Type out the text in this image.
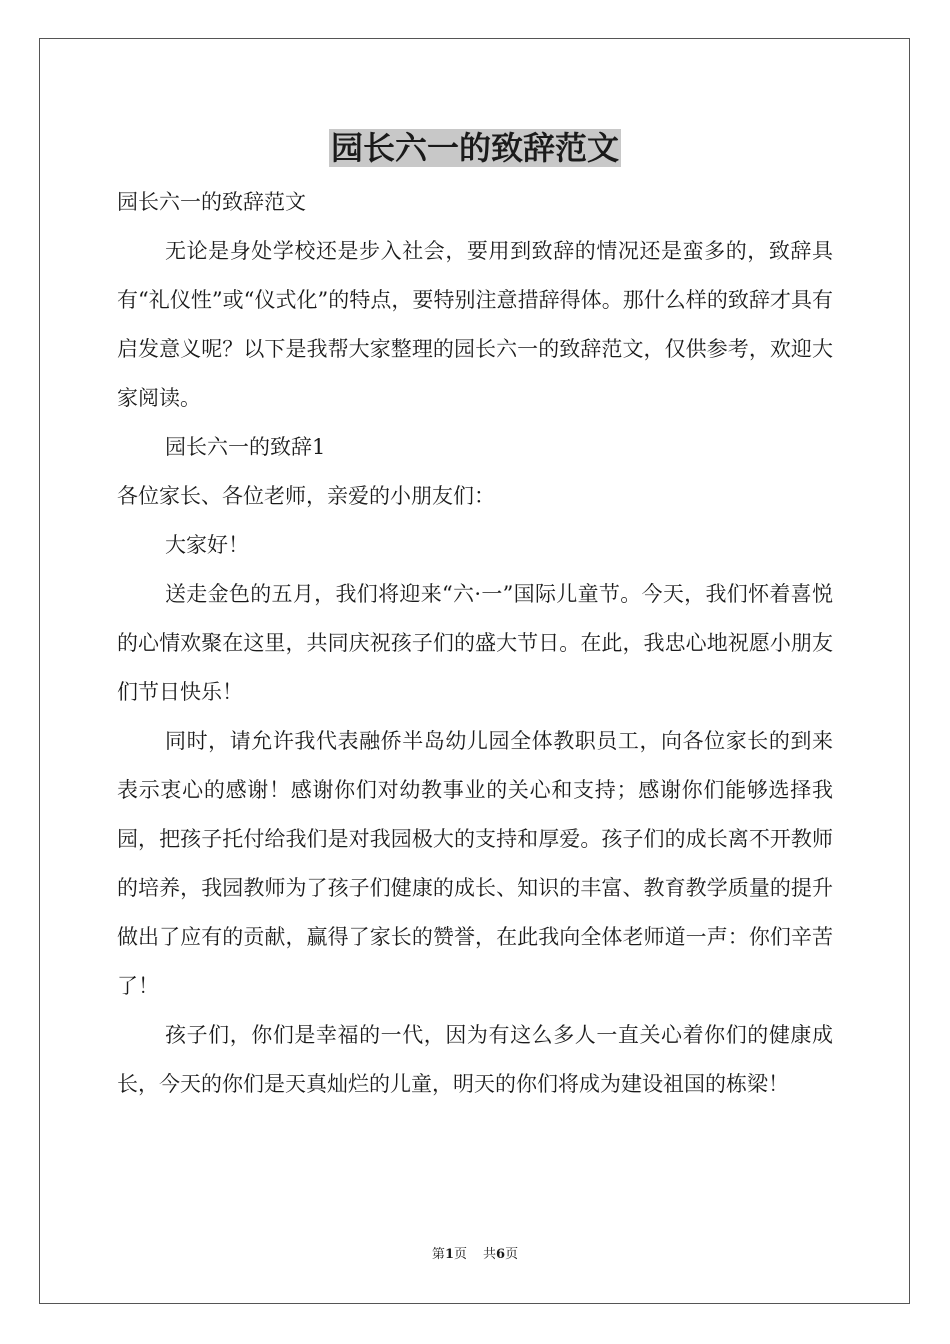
园长六一的致辞范文

园长六一的致辞范文

无论是身处学校还是步入社会，要用到致辞的情况还是蛮多的，致辞具有“礼仪性”或“仪式化”的特点，要特别注意措辞得体。那什么样的致辞才具有启发意义呢？以下是我帮大家整理的园长六一的致辞范文，仅供参考，欢迎大家阅读。

园长六一的致辞1

各位家长、各位老师，亲爱的小朋友们：

大家好！

送走金色的五月，我们将迎来“六·一”国际儿童节。今天，我们怀着喜悦的心情欢聚在这里，共同庆祝孩子们的盛大节日。在此，我忠心地祝愿小朋友们节日快乐！

同时，请允许我代表融侨半岛幼儿园全体教职员工，向各位家长的到来表示衷心的感谢！感谢你们对幼教事业的关心和支持；感谢你们能够选择我园，把孩子托付给我们是对我园极大的支持和厚爱。孩子们的成长离不开教师的培养，我园教师为了孩子们健康的成长、知识的丰富、教育教学质量的提升做出了应有的贡献，赢得了家长的赞誉，在此我向全体老师道一声：你们辛苦了！

孩子们，你们是幸福的一代，因为有这么多人一直关心着你们的健康成长，今天的你们是天真灿烂的儿童，明天的你们将成为建设祖国的栋梁！

第1页 共6页
